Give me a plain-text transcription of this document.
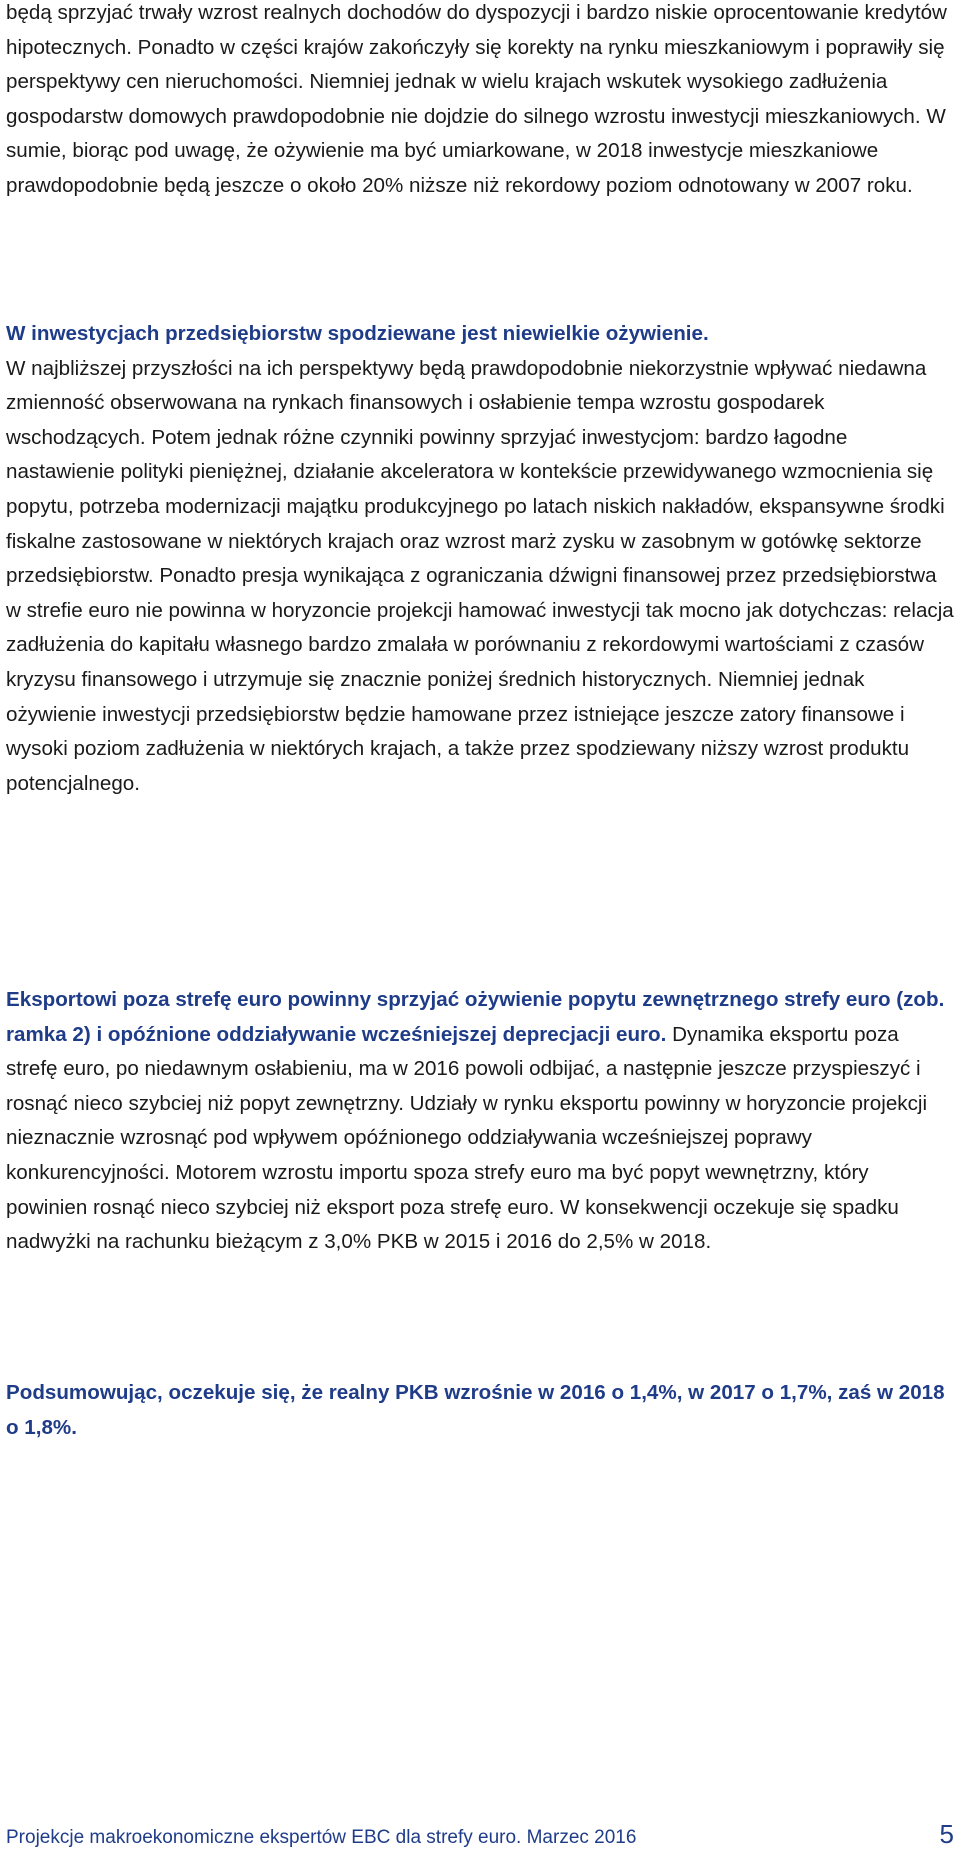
będą sprzyjać trwały wzrost realnych dochodów do dyspozycji i bardzo niskie oprocentowanie kredytów hipotecznych. Ponadto w części krajów zakończyły się korekty na rynku mieszkaniowym i poprawiły się perspektywy cen nieruchomości. Niemniej jednak w wielu krajach wskutek wysokiego zadłużenia gospodarstw domowych prawdopodobnie nie dojdzie do silnego wzrostu inwestycji mieszkaniowych. W sumie, biorąc pod uwagę, że ożywienie ma być umiarkowane, w 2018 inwestycje mieszkaniowe prawdopodobnie będą jeszcze o około 20% niższe niż rekordowy poziom odnotowany w 2007 roku.

W inwestycjach przedsiębiorstw spodziewane jest niewielkie ożywienie.
W najbliższej przyszłości na ich perspektywy będą prawdopodobnie niekorzystnie wpływać niedawna zmienność obserwowana na rynkach finansowych i osłabienie tempa wzrostu gospodarek wschodzących. Potem jednak różne czynniki powinny sprzyjać inwestycjom: bardzo łagodne nastawienie polityki pieniężnej, działanie akceleratora w kontekście przewidywanego wzmocnienia się popytu, potrzeba modernizacji majątku produkcyjnego po latach niskich nakładów, ekspansywne środki fiskalne zastosowane w niektórych krajach oraz wzrost marż zysku w zasobnym w gotówkę sektorze przedsiębiorstw. Ponadto presja wynikająca z ograniczania dźwigni finansowej przez przedsiębiorstwa w strefie euro nie powinna w horyzoncie projekcji hamować inwestycji tak mocno jak dotychczas: relacja zadłużenia do kapitału własnego bardzo zmalała w porównaniu z rekordowymi wartościami z czasów kryzysu finansowego i utrzymuje się znacznie poniżej średnich historycznych. Niemniej jednak ożywienie inwestycji przedsiębiorstw będzie hamowane przez istniejące jeszcze zatory finansowe i wysoki poziom zadłużenia w niektórych krajach, a także przez spodziewany niższy wzrost produktu potencjalnego.

Eksportowi poza strefę euro powinny sprzyjać ożywienie popytu zewnętrznego strefy euro (zob. ramka 2) i opóźnione oddziaływanie wcześniejszej deprecjacji euro. Dynamika eksportu poza strefę euro, po niedawnym osłabieniu, ma w 2016 powoli odbijać, a następnie jeszcze przyspieszyć i rosnąć nieco szybciej niż popyt zewnętrzny. Udziały w rynku eksportu powinny w horyzoncie projekcji nieznacznie wzrosnąć pod wpływem opóźnionego oddziaływania wcześniejszej poprawy konkurencyjności. Motorem wzrostu importu spoza strefy euro ma być popyt wewnętrzny, który powinien rosnąć nieco szybciej niż eksport poza strefę euro. W konsekwencji oczekuje się spadku nadwyżki na rachunku bieżącym z 3,0% PKB w 2015 i 2016 do 2,5% w 2018.

Podsumowując, oczekuje się, że realny PKB wzrośnie w 2016 o 1,4%, w 2017 o 1,7%, zaś w 2018 o 1,8%.

Projekcje makroekonomiczne ekspertów EBC dla strefy euro. Marzec 2016	5
